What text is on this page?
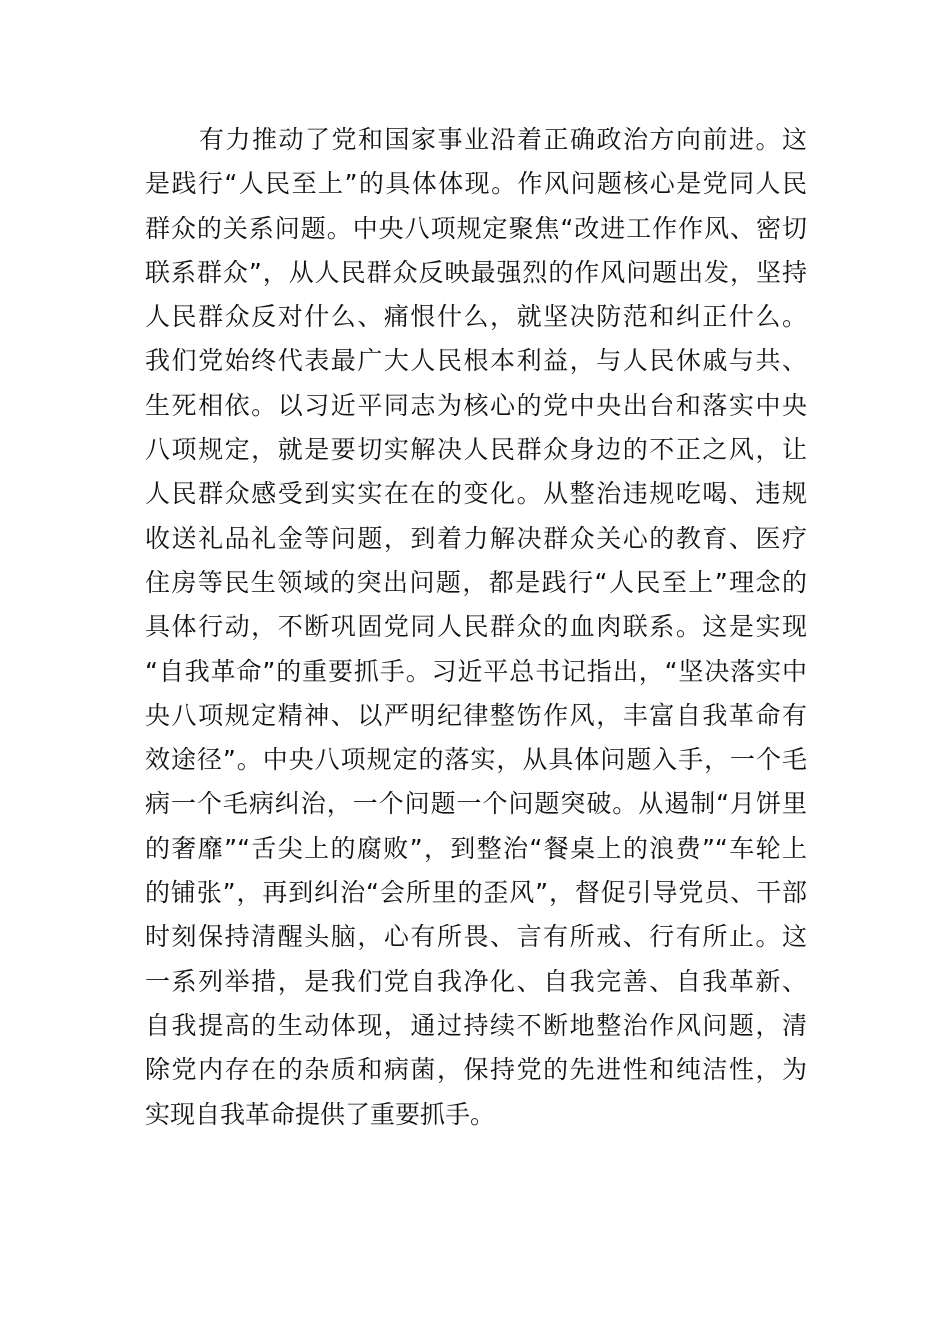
有力推动了党和国家事业沿着正确政治方向前进。这
是践行“人民至上”的具体体现。作风问题核心是党同人民
群众的关系问题。中央八项规定聚焦“改进工作作风、密切
联系群众”，从人民群众反映最强烈的作风问题出发，坚持
人民群众反对什么、痛恨什么，就坚决防范和纠正什么。
我们党始终代表最广大人民根本利益，与人民休戚与共、
生死相依。以习近平同志为核心的党中央出台和落实中央
八项规定，就是要切实解决人民群众身边的不正之风，让
人民群众感受到实实在在的变化。从整治违规吃喝、违规
收送礼品礼金等问题，到着力解决群众关心的教育、医疗
住房等民生领域的突出问题，都是践行“人民至上”理念的
具体行动，不断巩固党同人民群众的血肉联系。这是实现
“自我革命”的重要抓手。习近平总书记指出，“坚决落实中
央八项规定精神、以严明纪律整饬作风，丰富自我革命有
效途径”。中央八项规定的落实，从具体问题入手，一个毛
病一个毛病纠治，一个问题一个问题突破。从遏制“月饼里
的奢靡”“舌尖上的腐败”，到整治“餐桌上的浪费”“车轮上
的铺张”，再到纠治“会所里的歪风”，督促引导党员、干部
时刻保持清醒头脑，心有所畏、言有所戒、行有所止。这
一系列举措，是我们党自我净化、自我完善、自我革新、
自我提高的生动体现，通过持续不断地整治作风问题，清
除党内存在的杂质和病菌，保持党的先进性和纯洁性，为
实现自我革命提供了重要抓手。
